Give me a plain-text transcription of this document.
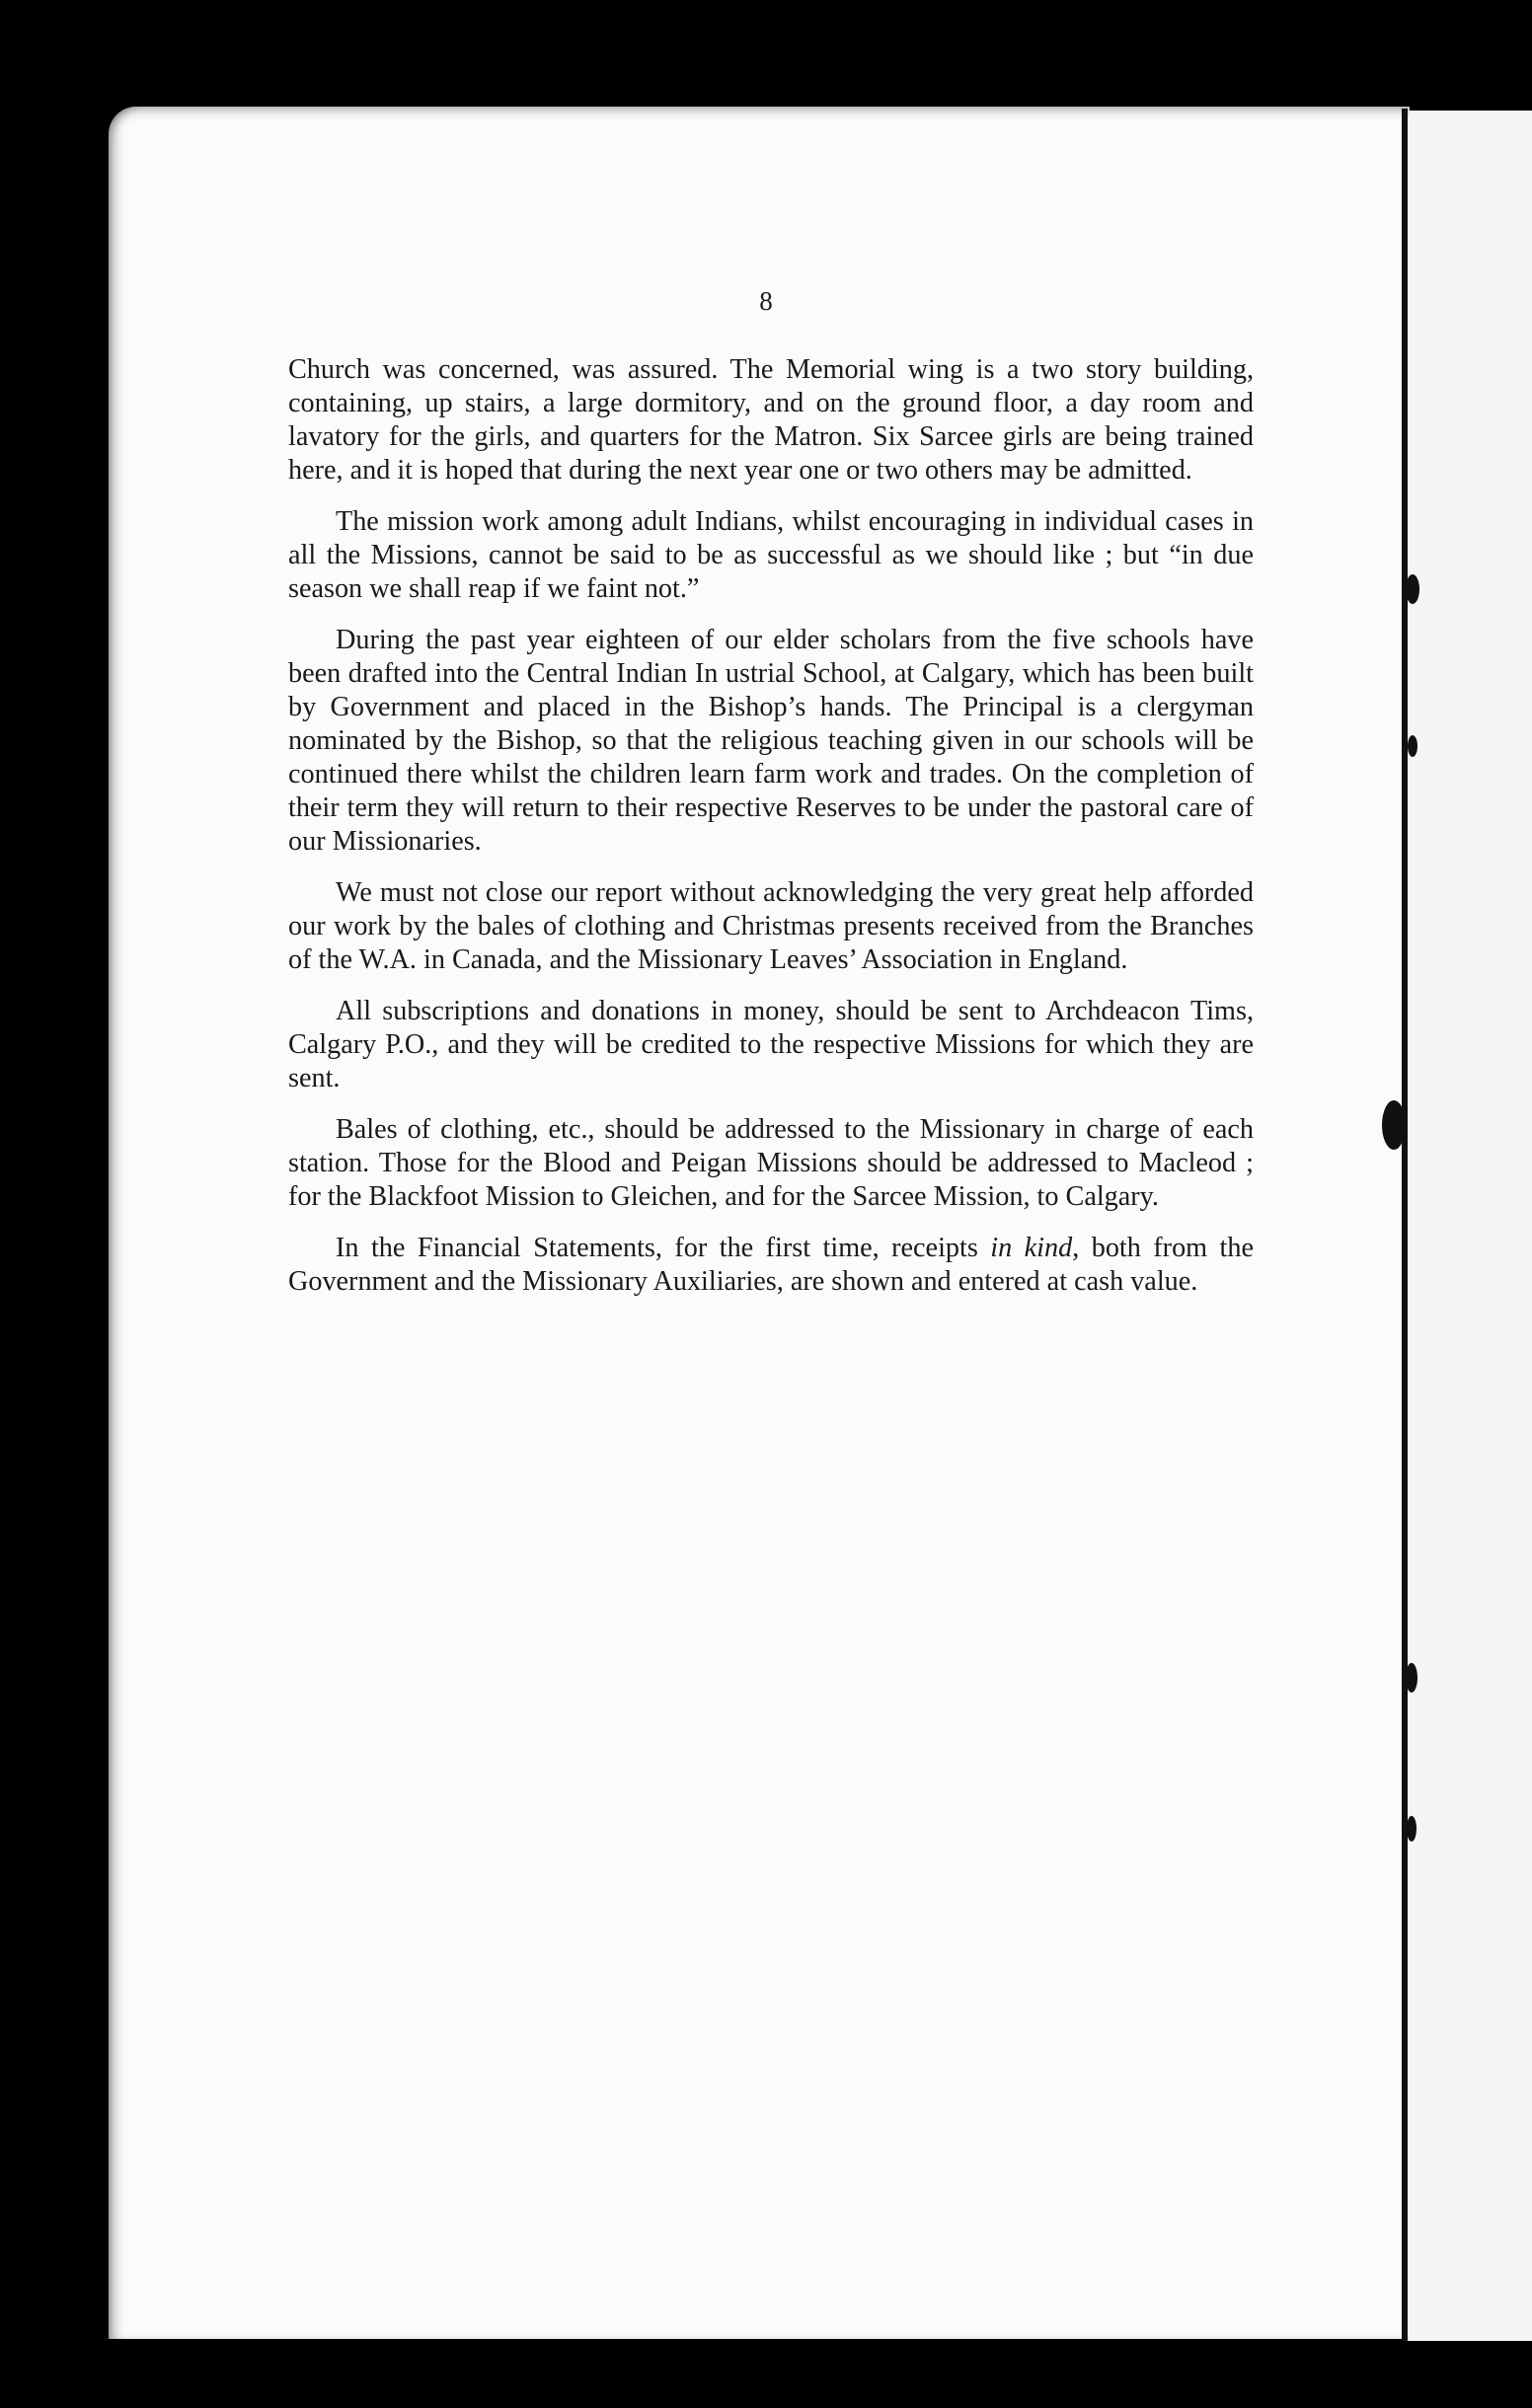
8

Church was concerned, was assured. The Memorial wing is a two story building, containing, up stairs, a large dormitory, and on the ground floor, a day room and lavatory for the girls, and quarters for the Matron. Six Sarcee girls are being trained here, and it is hoped that during the next year one or two others may be admitted.

The mission work among adult Indians, whilst encouraging in individual cases in all the Missions, cannot be said to be as successful as we should like ; but “in due season we shall reap if we faint not.”

During the past year eighteen of our elder scholars from the five schools have been drafted into the Central Indian In ustrial School, at Calgary, which has been built by Government and placed in the Bishop’s hands. The Principal is a clergyman nominated by the Bishop, so that the religious teaching given in our schools will be continued there whilst the children learn farm work and trades. On the completion of their term they will return to their respective Reserves to be under the pastoral care of our Missionaries.

We must not close our report without acknowledging the very great help afforded our work by the bales of clothing and Christmas presents received from the Branches of the W.A. in Canada, and the Missionary Leaves’ Association in England.

All subscriptions and donations in money, should be sent to Archdeacon Tims, Calgary P.O., and they will be credited to the respective Missions for which they are sent.

Bales of clothing, etc., should be addressed to the Missionary in charge of each station. Those for the Blood and Peigan Missions should be addressed to Macleod ; for the Blackfoot Mission to Gleichen, and for the Sarcee Mission, to Calgary.

In the Financial Statements, for the first time, receipts in kind, both from the Government and the Missionary Auxiliaries, are shown and entered at cash value.
